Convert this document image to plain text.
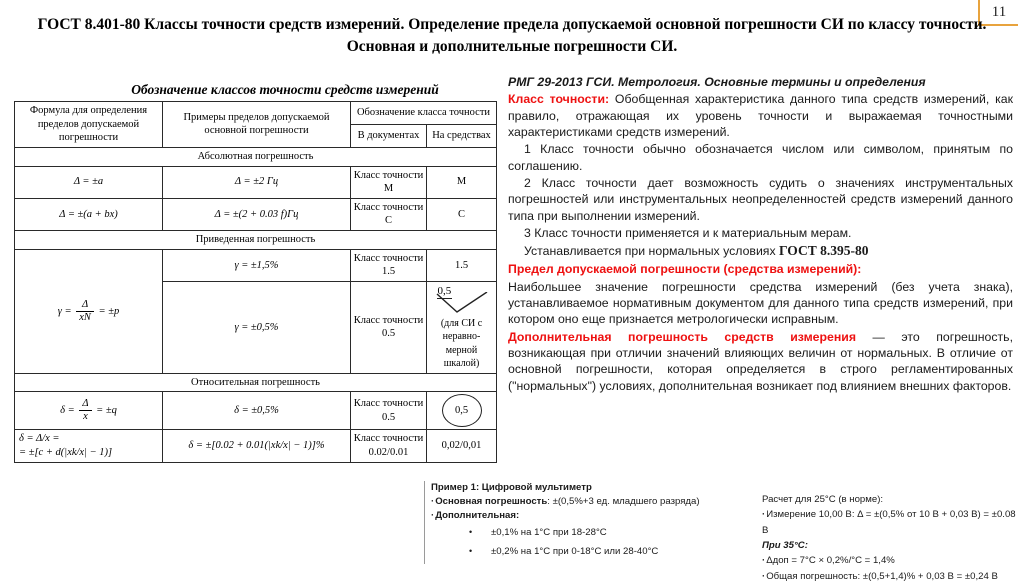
11
ГОСТ 8.401-80 Классы точности средств измерений. Определение предела допускаемой основной погрешности СИ по классу точности. Основная и дополнительные погрешности СИ.
Обозначение классов точности средств измерений
Формула для определения пределов допускаемой погрешности	Примеры пределов допускаемой основной погрешности	Обозначение класса точности	
		В документах	На средствах
Абсолютная погрешность			
Δ = ±a	Δ = ±2 Гц	Класс точности М	М
Δ = ±(a + bx)	Δ = ±(2 + 0.03 f)Гц	Класс точности С	С
Приведенная погрешность			
$\gamma = \frac{\Delta}{xN} = \pm p$	γ = ±1,5%	Класс точности 1.5	1.5
	γ = ±0,5%	Класс точности 0.5	0,5
(для СИ с неравно- мерной шкалой)

Относительная погрешность			
$\delta = \frac{\Delta}{x} = \pm q$	δ = ±0,5%	Класс точности 0.5	0,5

δ = Δ/x =
= ±[c + d(|xk/x| − 1)]	δ = ±[0.02 + 0.01(|xk/x| − 1)]%	Класс точности 0.02/0.01	0,02/0,01

РМГ 29-2013 ГСИ. Метрология. Основные термины и определения

Класс точности: Обобщенная характеристика данного типа средств измерений, как правило, отражающая их уровень точности и выражаемая точностными характеристиками средств измерений.

1 Класс точности обычно обозначается числом или символом, принятым по соглашению.

2 Класс точности дает возможность судить о значениях инструментальных погрешностей или инструментальных неопределенностей средств измерений данного типа при выполнении измерений.

3 Класс точности применяется и к материальным мерам.

Устанавливается при нормальных условиях ГОСТ 8.395-80

Предел допускаемой погрешности (средства измерений):

Наибольшее значение погрешности средства измерений (без учета знака), устанавливаемое нормативным документом для данного типа средств измерений, при котором оно еще признается метрологически исправным.

Дополнительная погрешность средств измерения — это погрешность, возникающая при отличии значений влияющих величин от нормальных. В отличие от основной погрешности, которая определяется в строго регламентированных ("нормальных") условиях, дополнительная возникает под влиянием внешних факторов.

Пример 1: Цифровой мультиметр
· Основная погрешность: ±(0,5%+3 ед. младшего разряда)
· Дополнительная:
• ±0,1% на 1°C при 18-28°C
• ±0,2% на 1°C при 0-18°C или 28-40°C
Расчет для 25°C (в норме):
· Измерение 10,00 В: Δ = ±(0,5% от 10 В + 0,03 В) = ±0.08 В
При 35°C:
· Δдоп = 7°C × 0,2%/°C = 1,4%
· Общая погрешность: ±(0,5+1,4)% + 0,03 В = ±0,24 В
